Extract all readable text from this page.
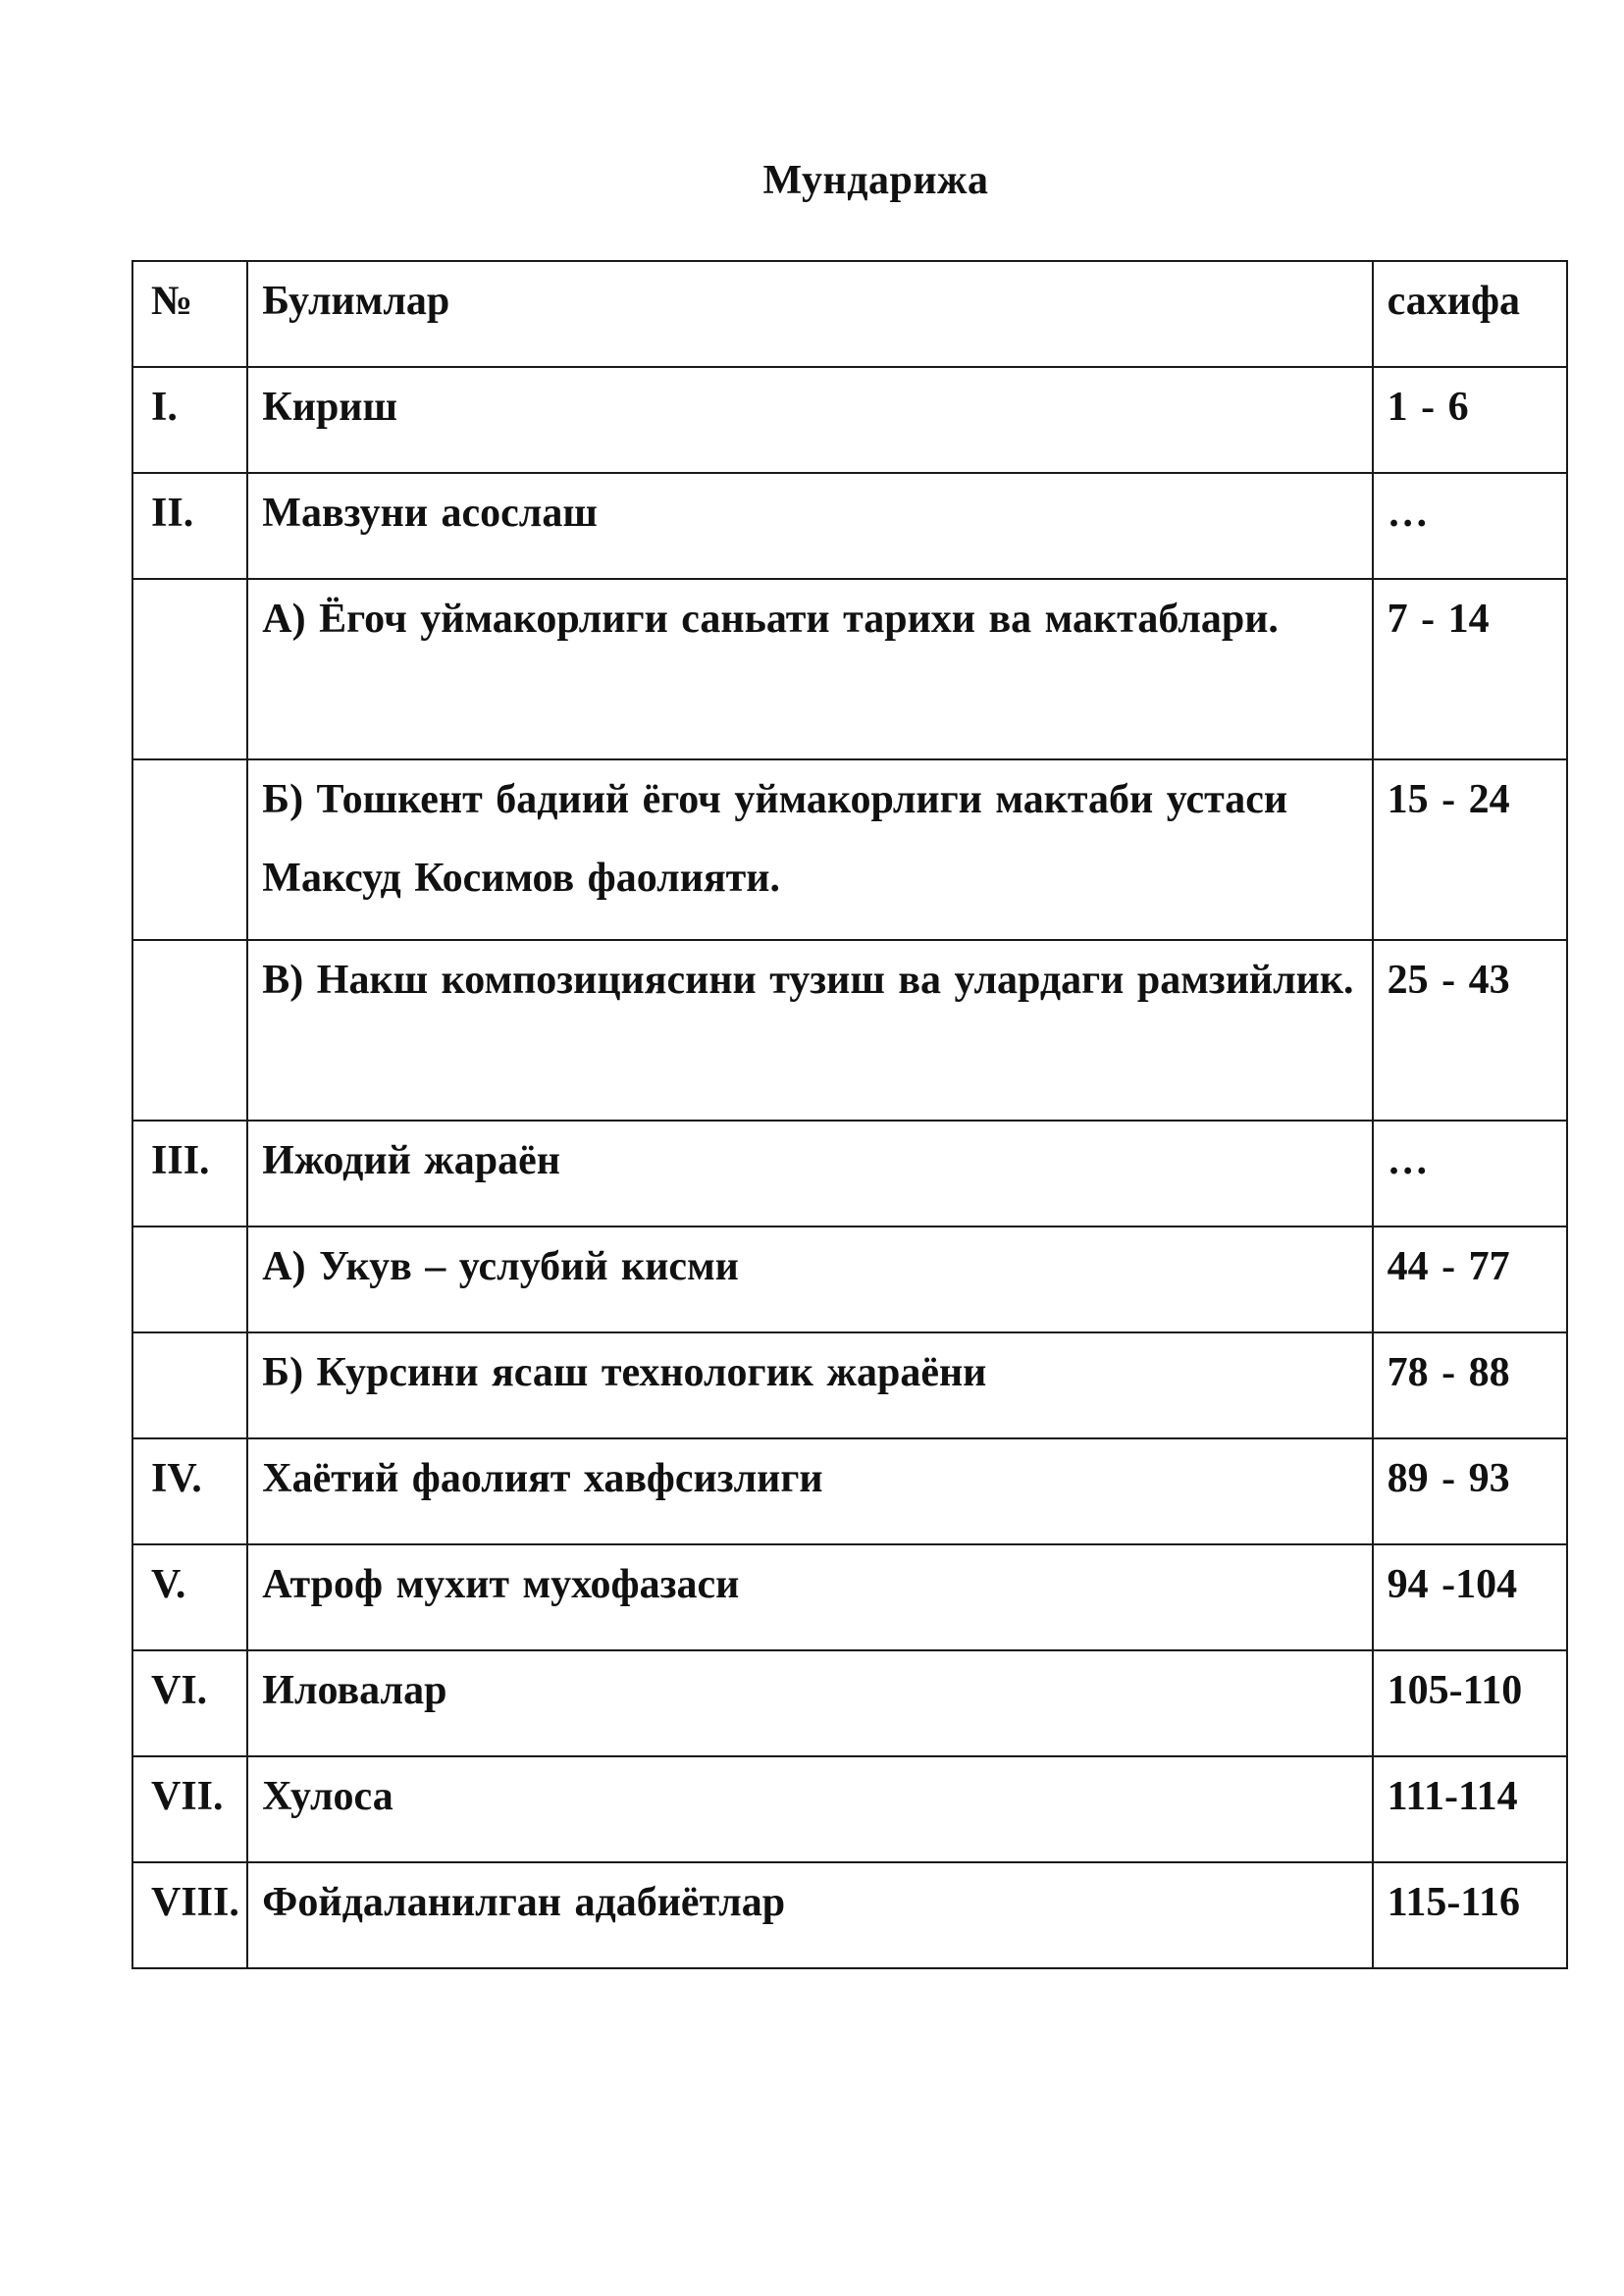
Мундарижа
№	Булимлар	сахифа
I.	Кириш	1 - 6
II.	Мавзуни асослаш	…
	А) Ёгоч уймакорлиги саньати тарихи ва мактаблари.	7 - 14
	Б) Тошкент бадиий ёгоч уймакорлиги мактаби устаси Максуд Косимов фаолияти.	15 - 24
	В) Накш композициясини тузиш ва улардаги рамзийлик.	25 - 43
III.	Ижодий жараён	…
	А) Укув – услубий кисми	44 - 77
	Б) Курсини ясаш технологик жараёни	78 - 88
IV.	Хаётий фаолият хавфсизлиги	89 - 93
V.	Атроф мухит мухофазаси	94 -104
VI.	Иловалар	105-110
VII.	Хулоса	111-114
VIII.	Фойдаланилган адабиётлар	115-116
